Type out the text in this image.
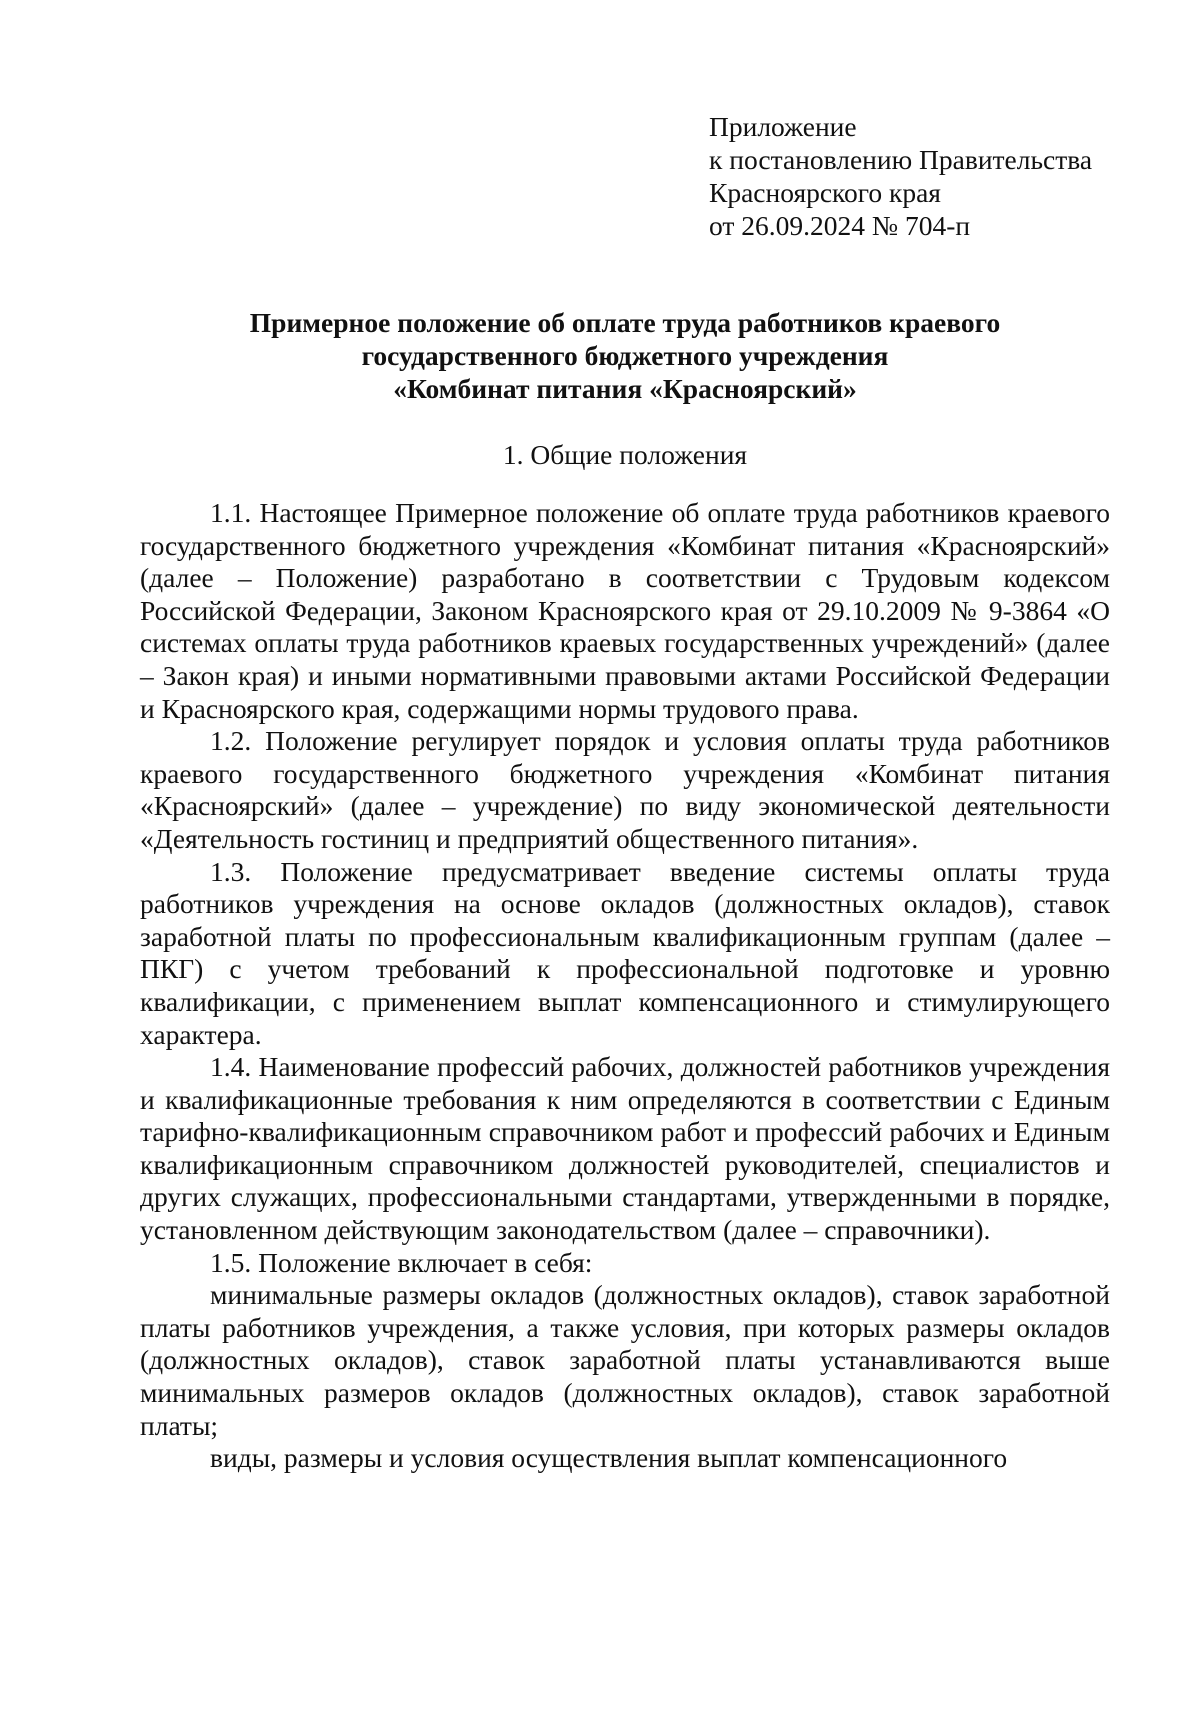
Приложение
к постановлению Правительства
Красноярского края
от 26.09.2024 № 704-п
Примерное положение об оплате труда работников краевого
государственного бюджетного учреждения
«Комбинат питания «Красноярский»
1. Общие положения

1.1. Настоящее Примерное положение об оплате труда работников краевого государственного бюджетного учреждения «Комбинат питания «Красноярский» (далее – Положение) разработано в соответствии с Трудовым кодексом Российской Федерации, Законом Красноярского края от 29.10.2009 № 9-3864 «О системах оплаты труда работников краевых государственных учреждений» (далее – Закон края) и иными нормативными правовыми актами Российской Федерации и Красноярского края, содержащими нормы трудового права.

1.2. Положение регулирует порядок и условия оплаты труда работников краевого государственного бюджетного учреждения «Комбинат питания «Красноярский» (далее – учреждение) по виду экономической деятельности «Деятельность гостиниц и предприятий общественного питания».

1.3. Положение предусматривает введение системы оплаты труда работников учреждения на основе окладов (должностных окладов), ставок заработной платы по профессиональным квалификационным группам (далее – ПКГ) с учетом требований к профессиональной подготовке и уровню квалификации, с применением выплат компенсационного и стимулирующего характера.

1.4. Наименование профессий рабочих, должностей работников учреждения и квалификационные требования к ним определяются в соответствии с Единым тарифно-квалификационным справочником работ и профессий рабочих и Единым квалификационным справочником должностей руководителей, специалистов и других служащих, профессиональными стандартами, утвержденными в порядке, установленном действующим законодательством (далее – справочники).

1.5. Положение включает в себя:

минимальные размеры окладов (должностных окладов), ставок заработной платы работников учреждения, а также условия, при которых размеры окладов (должностных окладов), ставок заработной платы устанавливаются выше минимальных размеров окладов (должностных окладов), ставок заработной платы;

виды, размеры и условия осуществления выплат компенсационного
